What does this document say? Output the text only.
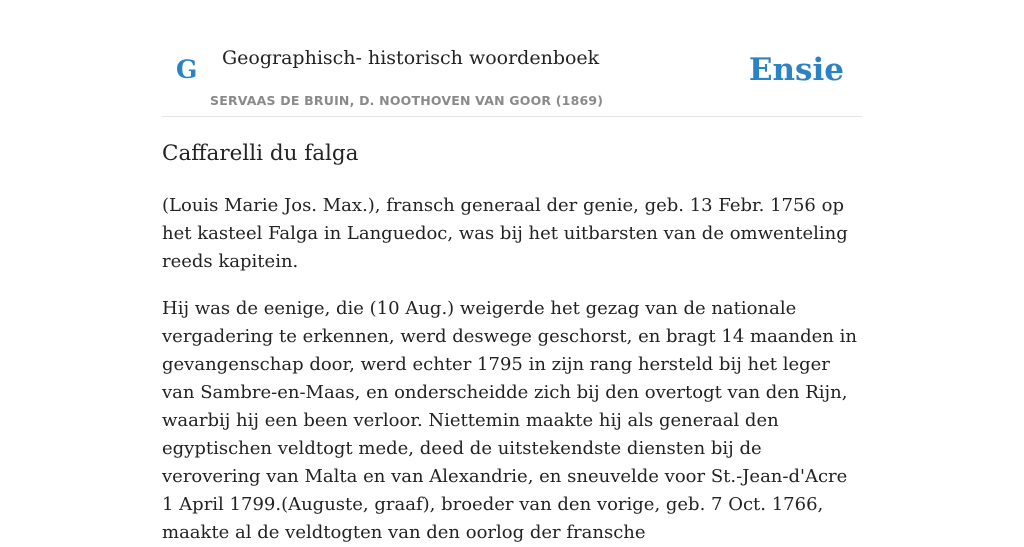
G Geographisch- historisch woordenboek
SERVAAS DE BRUIN, D. NOOTHOVEN VAN GOOR (1869)
Ensie
Caffarelli du falga

(Louis Marie Jos. Max.), fransch generaal der genie, geb. 13 Febr. 1756 op het kasteel Falga in Languedoc, was bij het uitbarsten van de omwenteling reeds kapitein.

Hij was de eenige, die (10 Aug.) weigerde het gezag van de nationale vergadering te erkennen, werd deswege geschorst, en bragt 14 maanden in gevangenschap door, werd echter 1795 in zijn rang hersteld bij het leger van Sambre-en-Maas, en onderscheidde zich bij den overtogt van den Rijn, waarbij hij een been verloor. Niettemin maakte hij als generaal den egyptischen veldtogt mede, deed de uitstekendste diensten bij de verovering van Malta en van Alexandrie, en sneuvelde voor St.-Jean-d'Acre 1 April 1799.(Auguste, graaf), broeder van den vorige, geb. 7 Oct. 1766, maakte al de veldtogten van den oorlog der fransche
